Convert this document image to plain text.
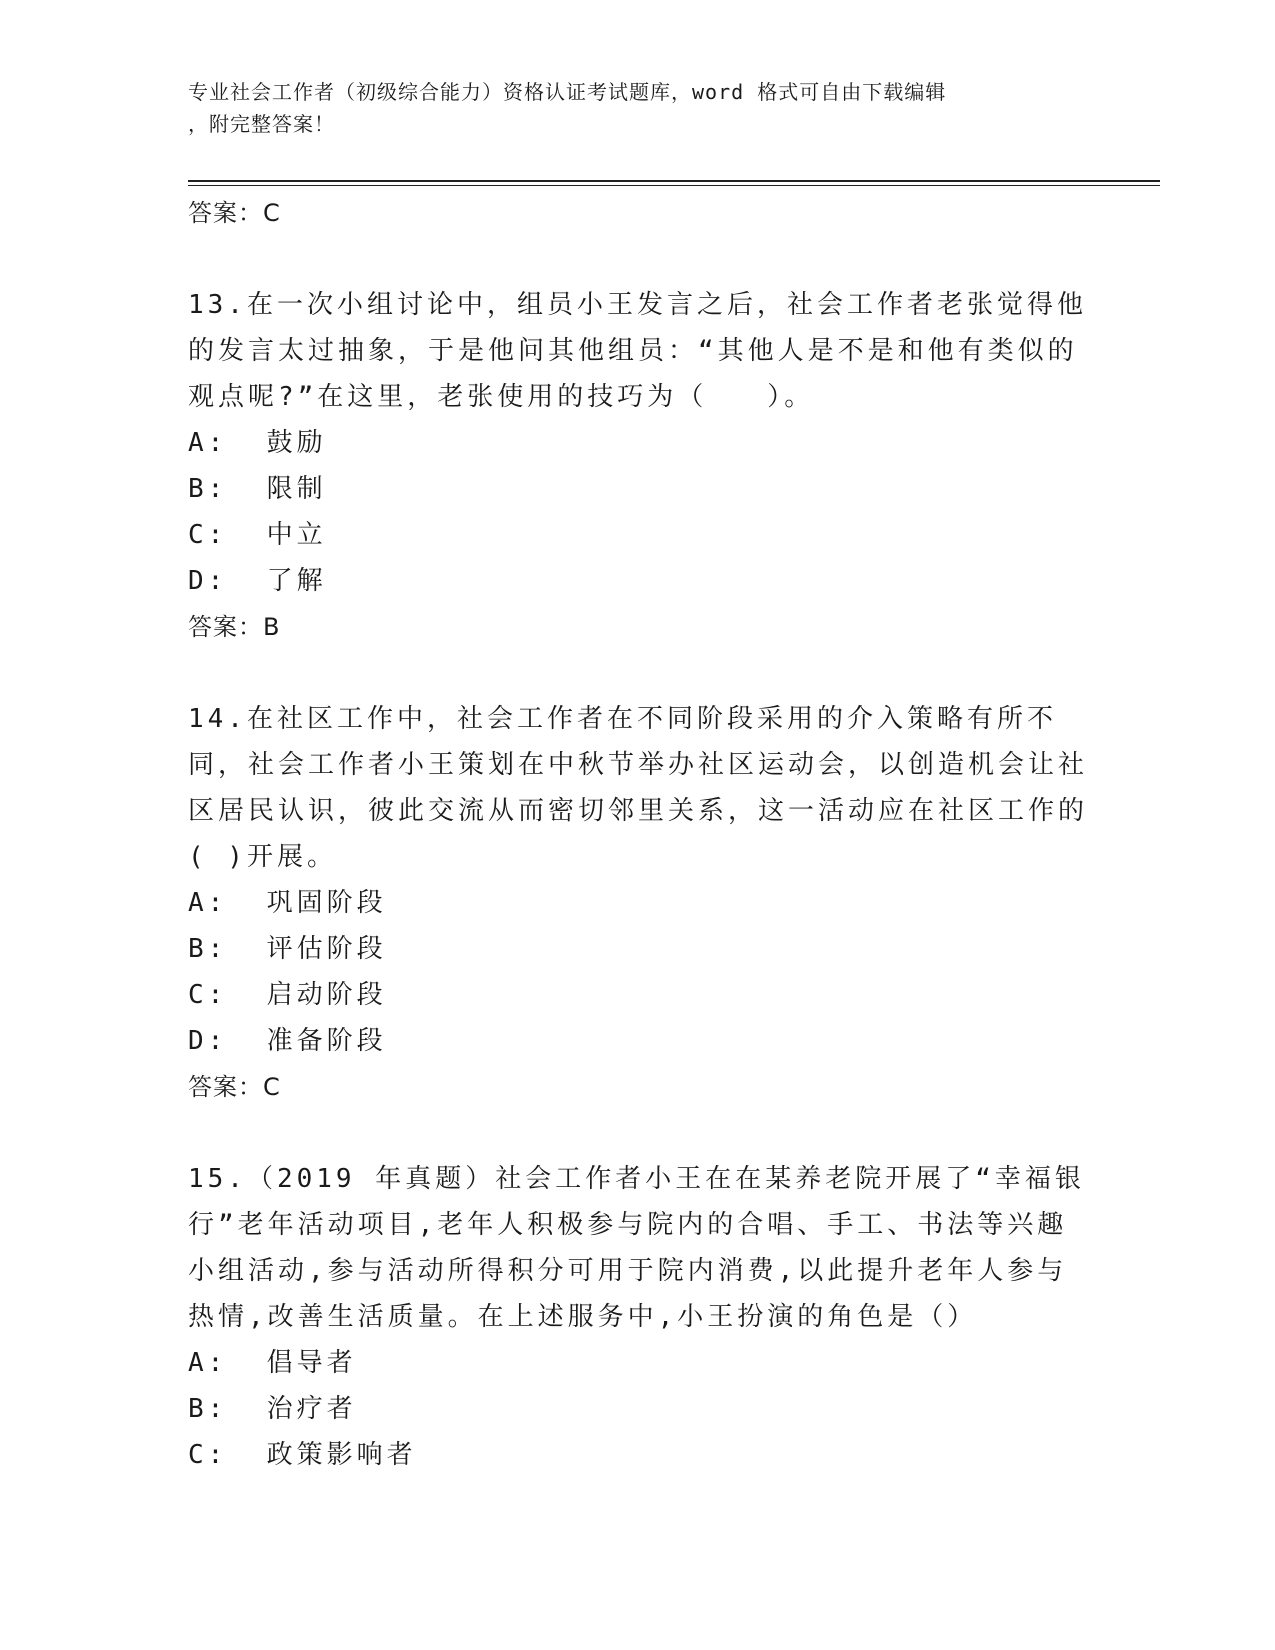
专业社会工作者（初级综合能力）资格认证考试题库，word 格式可自由下载编辑
，附完整答案！

答案：C

13.在一次小组讨论中，组员小王发言之后，社会工作者老张觉得他的发言太过抽象，于是他问其他组员：“其他人是不是和他有类似的观点呢?”在这里，老张使用的技巧为（　　）。

A:  鼓励

B:  限制

C:  中立

D:  了解

答案：B

14.在社区工作中，社会工作者在不同阶段采用的介入策略有所不同，社会工作者小王策划在中秋节举办社区运动会，以创造机会让社区居民认识，彼此交流从而密切邻里关系，这一活动应在社区工作的( )开展。

A:  巩固阶段

B:  评估阶段

C:  启动阶段

D:  准备阶段

答案：C

15.（2019 年真题）社会工作者小王在在某养老院开展了“幸福银行”老年活动项目,老年人积极参与院内的合唱、手工、书法等兴趣小组活动,参与活动所得积分可用于院内消费,以此提升老年人参与热情,改善生活质量。在上述服务中,小王扮演的角色是（）

A:  倡导者

B:  治疗者

C:  政策影响者
